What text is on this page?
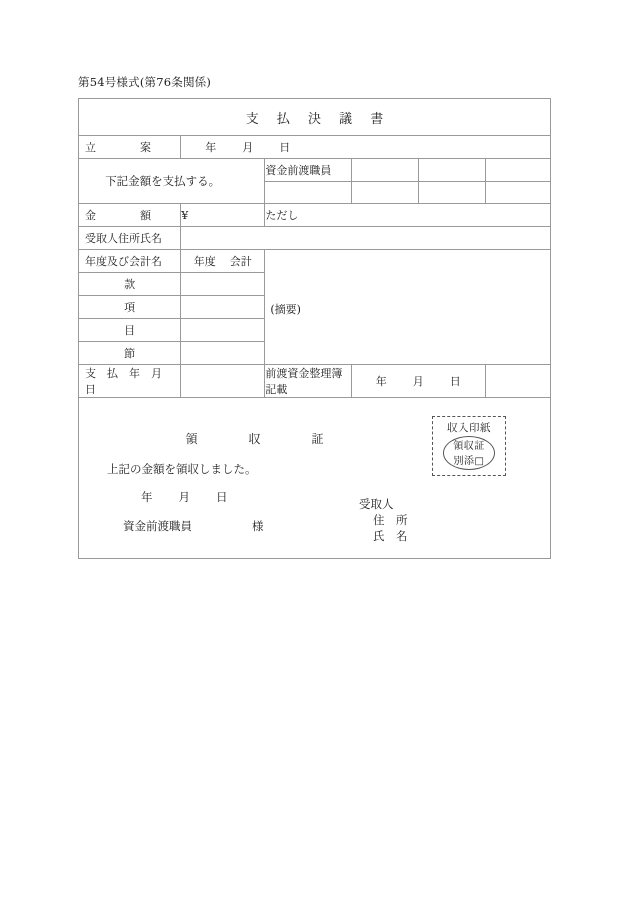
第54号様式(第76条関係)
支 払 決 議 書					

立　　　　案	年 月 日				

下記金額を支払する。		資金前渡職員			

金　　　　額	¥	ただし			

受取人住所氏名					

年度及び会計名	年度 会計	(摘要)			

款					
項					
目					
節					

支　払　年　月　日		前渡資金整理簿記載	年 月 日		

領　　収　　証
上記の金額を領収しました。
年 月 日
資金前渡職員	様
収入印紙
領収証
別添□
受取人
住　所
氏　名
